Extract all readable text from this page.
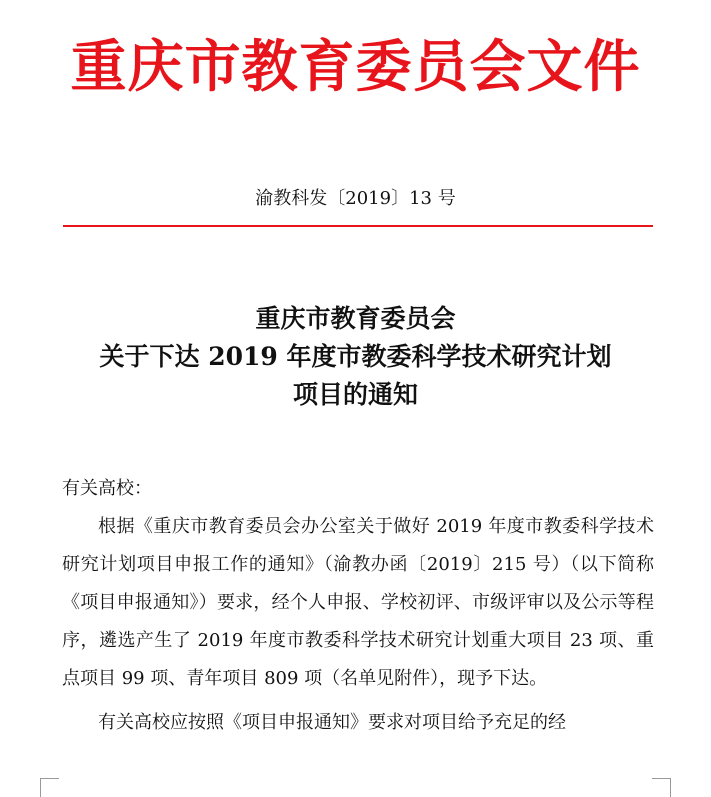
重庆市教育委员会文件
渝教科发〔2019〕13 号
重庆市教育委员会
关于下达 2019 年度市教委科学技术研究计划
项目的通知

有关高校：

根据《重庆市教育委员会办公室关于做好 2019 年度市教委科学技术研究计划项目申报工作的通知》（渝教办函〔2019〕215 号）（以下简称《项目申报通知》）要求，经个人申报、学校初评、市级评审以及公示等程序，遴选产生了 2019 年度市教委科学技术研究计划重大项目 23 项、重点项目 99 项、青年项目 809 项（名单见附件），现予下达。

有关高校应按照《项目申报通知》要求对项目给予充足的经
